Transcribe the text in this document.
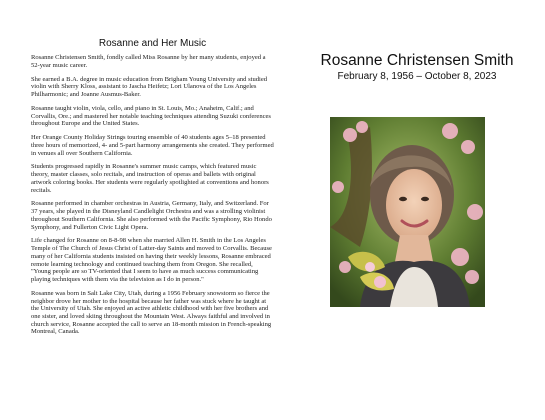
Rosanne and Her Music

Rosanne Christensen Smith, fondly called Miss Rosanne by her many students, enjoyed a 52-year music career.

She earned a B.A. degree in music education from Brigham Young University and studied violin with Sherry Kloss, assistant to Jascha Heifetz; Lori Ulanova of the Los Angeles Philharmonic; and Joanne Ausmus-Baker.

Rosanne taught violin, viola, cello, and piano in St. Louis, Mo.; Anaheim, Calif.; and Corvallis, Ore.; and mastered her notable teaching techniques attending Suzuki conferences throughout Europe and the United States.

Her Orange County Holiday Strings touring ensemble of 40 students ages 5–18 presented three hours of memorized, 4- and 5-part harmony arrangements she created. They performed in venues all over Southern California.

Students progressed rapidly in Rosanne's summer music camps, which featured music theory, master classes, solo recitals, and instruction of operas and ballets with original artwork coloring books. Her students were regularly spotlighted at conventions and honors recitals.

Rosanne performed in chamber orchestras in Austria, Germany, Italy, and Switzerland. For 37 years, she played in the Disneyland Candlelight Orchestra and was a strolling violinist throughout Southern California. She also performed with the Pacific Symphony, Rio Hondo Symphony, and Fullerton Civic Light Opera.

Life changed for Rosanne on 8-8-98 when she married Allen H. Smith in the Los Angeles Temple of The Church of Jesus Christ of Latter-day Saints and moved to Corvallis. Because many of her California students insisted on having their weekly lessons, Rosanne embraced remote learning technology and continued teaching them from Oregon. She recalled, "Young people are so TV-oriented that I seem to have as much success communicating playing techniques with them via the television as I do in person."

Rosanne was born in Salt Lake City, Utah, during a 1956 February snowstorm so fierce the neighbor drove her mother to the hospital because her father was stuck where he taught at the University of Utah. She enjoyed an active athletic childhood with her five brothers and one sister, and loved skiing throughout the Mountain West. Always faithful and involved in church service, Rosanne accepted the call to serve an 18-month mission in French-speaking Montreal, Canada.

Rosanne Christensen Smith

February 8, 1956 – October 8, 2023
